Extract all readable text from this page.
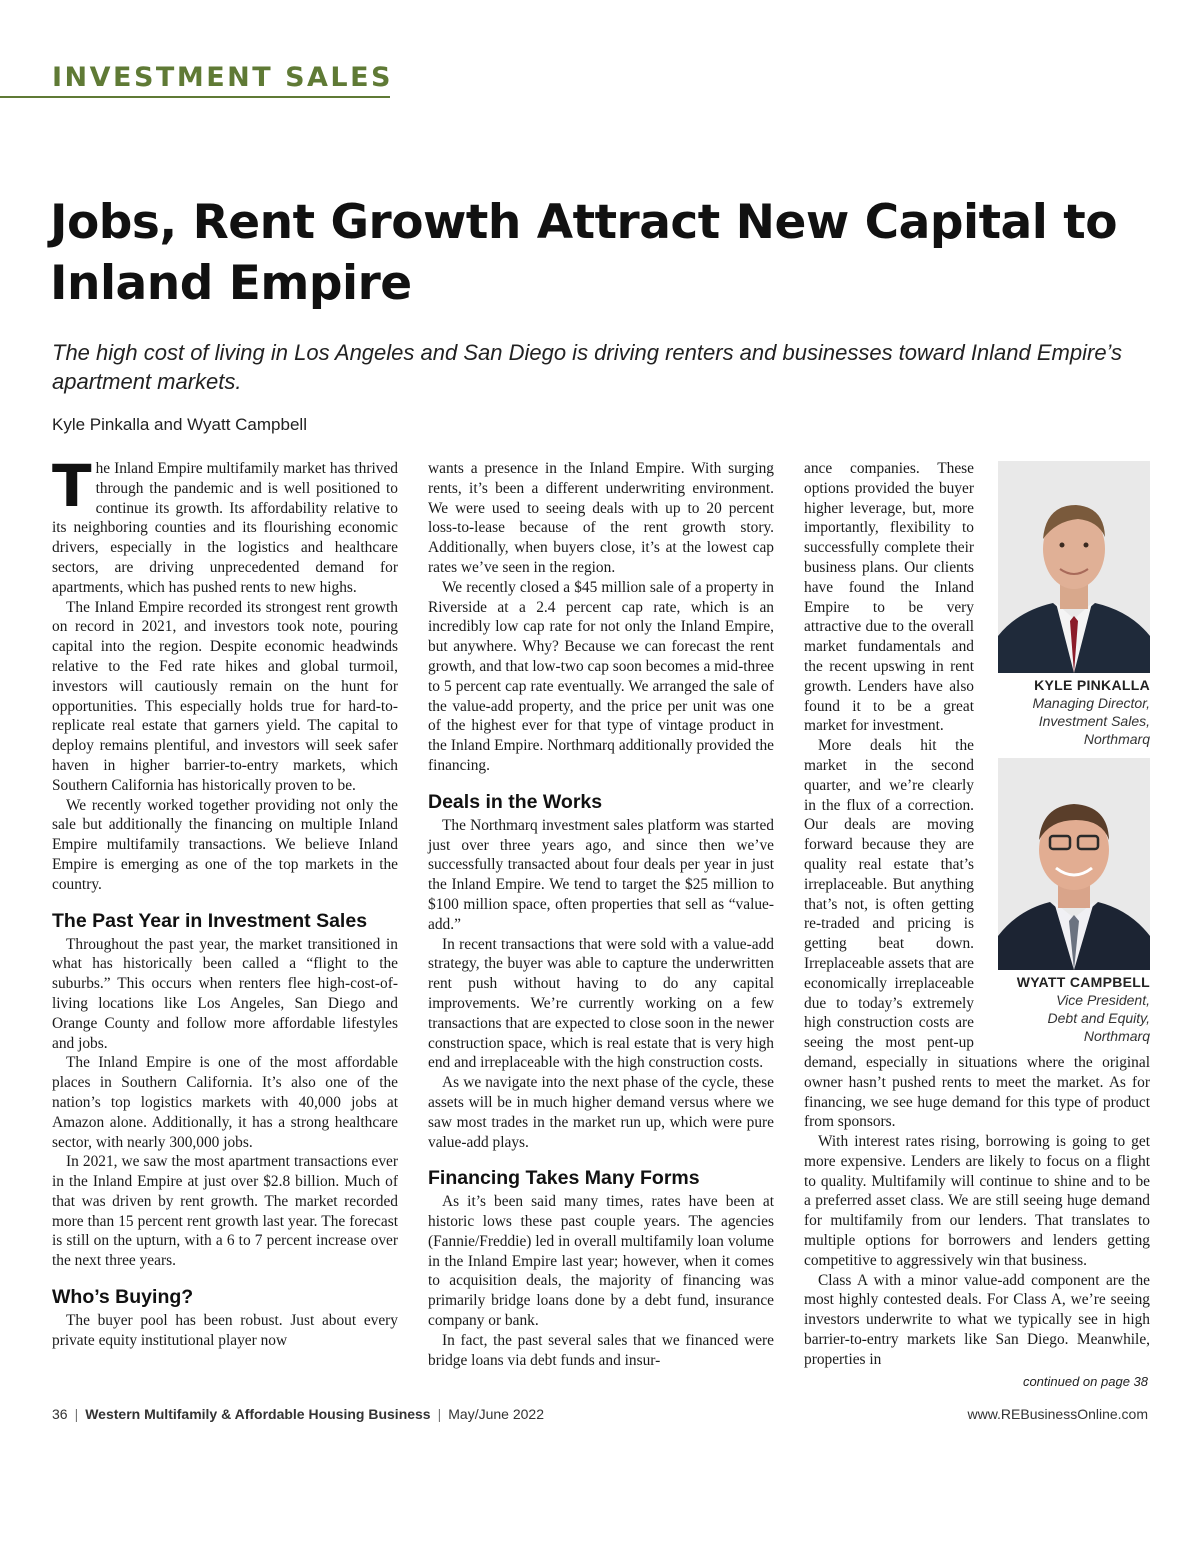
INVESTMENT SALES
Jobs, Rent Growth Attract New Capital to Inland Empire

The high cost of living in Los Angeles and San Diego is driving renters and businesses toward Inland Empire’s apartment markets.

Kyle Pinkalla and Wyatt Campbell

The Inland Empire multifamily market has thrived through the pandemic and is well positioned to continue its growth. Its affordability relative to its neighboring counties and its flourishing economic drivers, especially in the logistics and healthcare sectors, are driving unprecedented demand for apartments, which has pushed rents to new highs.

The Inland Empire recorded its strongest rent growth on record in 2021, and investors took note, pouring capital into the region. Despite economic headwinds relative to the Fed rate hikes and global turmoil, investors will cautiously remain on the hunt for opportunities. This especially holds true for hard-to-replicate real estate that garners yield. The capital to deploy remains plentiful, and investors will seek safer haven in higher barrier-to-entry markets, which Southern California has historically proven to be.

We recently worked together providing not only the sale but additionally the financing on multiple Inland Empire multifamily transactions. We believe Inland Empire is emerging as one of the top markets in the country.

The Past Year in Investment Sales

Throughout the past year, the market transitioned in what has historically been called a “flight to the suburbs.” This occurs when renters flee high-cost-of-living locations like Los Angeles, San Diego and Orange County and follow more affordable lifestyles and jobs.

The Inland Empire is one of the most affordable places in Southern California. It’s also one of the nation’s top logistics markets with 40,000 jobs at Amazon alone. Additionally, it has a strong healthcare sector, with nearly 300,000 jobs.

In 2021, we saw the most apartment transactions ever in the Inland Empire at just over $2.8 billion. Much of that was driven by rent growth. The market recorded more than 15 percent rent growth last year. The forecast is still on the upturn, with a 6 to 7 percent increase over the next three years.

Who’s Buying?

The buyer pool has been robust. Just about every private equity institutional player now

wants a presence in the Inland Empire. With surging rents, it’s been a different underwriting environment. We were used to seeing deals with up to 20 percent loss-to-lease because of the rent growth story. Additionally, when buyers close, it’s at the lowest cap rates we’ve seen in the region.

We recently closed a $45 million sale of a property in Riverside at a 2.4 percent cap rate, which is an incredibly low cap rate for not only the Inland Empire, but anywhere. Why? Because we can forecast the rent growth, and that low-two cap soon becomes a mid-three to 5 percent cap rate eventually. We arranged the sale of the value-add property, and the price per unit was one of the highest ever for that type of vintage product in the Inland Empire. Northmarq additionally provided the financing.

Deals in the Works

The Northmarq investment sales platform was started just over three years ago, and since then we’ve successfully transacted about four deals per year in just the Inland Empire. We tend to target the $25 million to $100 million space, often properties that sell as “value-add.”

In recent transactions that were sold with a value-add strategy, the buyer was able to capture the underwritten rent push without having to do any capital improvements. We’re currently working on a few transactions that are expected to close soon in the newer construction space, which is real estate that is very high end and irreplaceable with the high construction costs.

As we navigate into the next phase of the cycle, these assets will be in much higher demand versus where we saw most trades in the market run up, which were pure value-add plays.

Financing Takes Many Forms

As it’s been said many times, rates have been at historic lows these past couple years. The agencies (Fannie/Freddie) led in overall multifamily loan volume in the Inland Empire last year; however, when it comes to acquisition deals, the majority of financing was primarily bridge loans done by a debt fund, insurance company or bank.

In fact, the past several sales that we financed were bridge loans via debt funds and insur-

KYLE PINKALLA
Managing Director,
Investment Sales,
Northmarq

ance companies. These options provided the buyer higher leverage, but, more importantly, flexibility to successfully complete their business plans. Our clients have found the Inland Empire to be very attractive due to the overall market fundamentals and the recent upswing in rent growth. Lenders have also found it to be a great market for investment.

WYATT CAMPBELL
Vice President,
Debt and Equity,
Northmarq

More deals hit the market in the second quarter, and we’re clearly in the flux of a correction. Our deals are moving forward because they are quality real estate that’s irreplaceable. But anything that’s not, is often getting re-traded and pricing is getting beat down. Irreplaceable assets that are economically irreplaceable due to today’s extremely high construction costs are seeing the most pent-up demand, especially in situations where the original owner hasn’t pushed rents to meet the market. As for financing, we see huge demand for this type of product from sponsors.

With interest rates rising, borrowing is going to get more expensive. Lenders are likely to focus on a flight to quality. Multifamily will continue to shine and to be a preferred asset class. We are still seeing huge demand for multifamily from our lenders. That translates to multiple options for borrowers and lenders getting competitive to aggressively win that business.

Class A with a minor value-add component are the most highly contested deals. For Class A, we’re seeing investors underwrite to what we typically see in high barrier-to-entry markets like San Diego. Meanwhile, properties in

continued on page 38
36 | Western Multifamily & Affordable Housing Business | May/June 2022	www.REBusinessOnline.com
